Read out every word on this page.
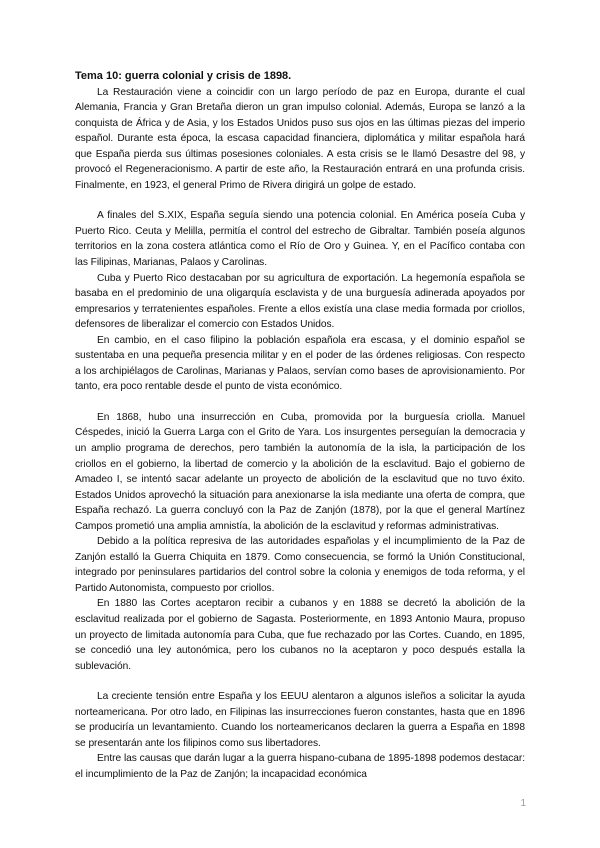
Tema 10: guerra colonial y crisis de 1898.

La Restauración viene a coincidir con un largo período de paz en Europa, durante el cual Alemania, Francia y Gran Bretaña dieron un gran impulso colonial. Además, Europa se lanzó a la conquista de África y de Asia, y los Estados Unidos puso sus ojos en las últimas piezas del imperio español. Durante esta época, la escasa capacidad financiera, diplomática y militar española hará que España pierda sus últimas posesiones coloniales. A esta crisis se le llamó Desastre del 98, y provocó el Regeneracionismo. A partir de este año, la Restauración entrará en una profunda crisis. Finalmente, en 1923, el general Primo de Rivera dirigirá un golpe de estado.

A finales del S.XIX, España seguía siendo una potencia colonial. En América poseía Cuba y Puerto Rico. Ceuta y Melilla, permitía el control del estrecho de Gibraltar. También poseía algunos territorios en la zona costera atlántica como el Río de Oro y Guinea. Y, en el Pacífico contaba con las Filipinas, Marianas, Palaos y Carolinas.

Cuba y Puerto Rico destacaban por su agricultura de exportación. La hegemonía española se basaba en el predominio de una oligarquía esclavista y de una burguesía adinerada apoyados por empresarios y terratenientes españoles. Frente a ellos existía una clase media formada por criollos, defensores de liberalizar el comercio con Estados Unidos.

En cambio, en el caso filipino la población española era escasa, y el dominio español se sustentaba en una pequeña presencia militar y en el poder de las órdenes religiosas. Con respecto a los archipiélagos de Carolinas, Marianas y Palaos, servían como bases de aprovisionamiento. Por tanto, era poco rentable desde el punto de vista económico.

En 1868, hubo una insurrección en Cuba, promovida por la burguesía criolla. Manuel Céspedes, inició la Guerra Larga con el Grito de Yara. Los insurgentes perseguían la democracia y un amplio programa de derechos, pero también la autonomía de la isla, la participación de los criollos en el gobierno, la libertad de comercio y la abolición de la esclavitud. Bajo el gobierno de Amadeo I, se intentó sacar adelante un proyecto de abolición de la esclavitud que no tuvo éxito. Estados Unidos aprovechó la situación para anexionarse la isla mediante una oferta de compra, que España rechazó. La guerra concluyó con la Paz de Zanjón (1878), por la que el general Martínez Campos prometió una amplia amnistía, la abolición de la esclavitud y reformas administrativas.

Debido a la política represiva de las autoridades españolas y el incumplimiento de la Paz de Zanjón estalló la Guerra Chiquita en 1879. Como consecuencia, se formó la Unión Constitucional, integrado por peninsulares partidarios del control sobre la colonia y enemigos de toda reforma, y el Partido Autonomista, compuesto por criollos.

En 1880 las Cortes aceptaron recibir a cubanos y en 1888 se decretó la abolición de la esclavitud realizada por el gobierno de Sagasta. Posteriormente, en 1893 Antonio Maura, propuso un proyecto de limitada autonomía para Cuba, que fue rechazado por las Cortes. Cuando, en 1895, se concedió una ley autonómica, pero los cubanos no la aceptaron y poco después estalla la sublevación.

La creciente tensión entre España y los EEUU alentaron a algunos isleños a solicitar la ayuda norteamericana. Por otro lado, en Filipinas las insurrecciones fueron constantes, hasta que en 1896 se produciría un levantamiento. Cuando los norteamericanos declaren la guerra a España en 1898 se presentarán ante los filipinos como sus libertadores.

Entre las causas que darán lugar a la guerra hispano-cubana de 1895-1898 podemos destacar: el incumplimiento de la Paz de Zanjón; la incapacidad económica

1
